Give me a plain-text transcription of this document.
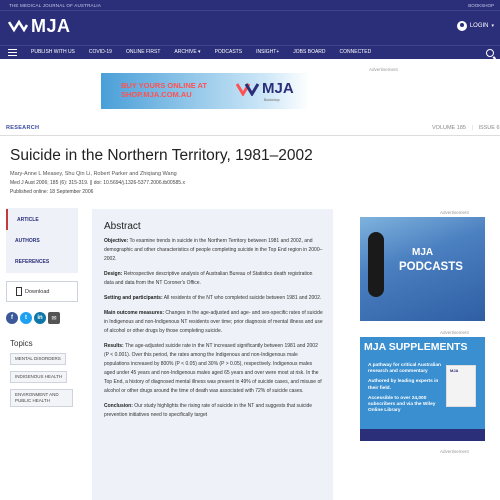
THE MEDICAL JOURNAL OF AUSTRALIA	BOOKSHOP
MJA	LOGIN ▾
PUBLISH WITH US	COVID-19	ONLINE FIRST	ARCHIVE ▾	PODCASTS	INSIGHT+	JOBS BOARD	CONNECTED
Advertisement
BUY YOURS ONLINE AT
SHOP.MJA.COM.AU	MJA
Bookshop
RESEARCH	VOLUME 185 | ISSUE 6
Suicide in the Northern Territory, 1981–2002
Mary-Anne L Measey, Shu Qin Li, Robert Parker and Zhiqiang Wang
Med J Aust 2006; 185 (6): 315-319. || doi: 10.5694/j.1326-5377.2006.tb00585.x
Published online: 18 September 2006
ARTICLE
AUTHORS
REFERENCES
Download
f	t	in	✉
Topics
MENTAL DISORDERS
INDIGENOUS HEALTH
ENVIRONMENT AND PUBLIC HEALTH
Abstract

Objective: To examine trends in suicide in the Northern Territory between 1981 and 2002, and demographic and other characteristics of people completing suicide in the Top End region in 2000–2002.

Design: Retrospective descriptive analysis of Australian Bureau of Statistics death registration data and data from the NT Coroner's Office.

Setting and participants: All residents of the NT who completed suicide between 1981 and 2002.

Main outcome measures: Changes in the age-adjusted and age- and sex-specific rates of suicide in Indigenous and non-Indigenous NT residents over time; prior diagnosis of mental illness and use of alcohol or other drugs by those completing suicide.

Results: The age-adjusted suicide rate in the NT increased significantly between 1981 and 2002 (P < 0.001). Over this period, the rates among the Indigenous and non-Indigenous male populations increased by 800% (P < 0.05) and 30% (P > 0.05), respectively. Indigenous males aged under 45 years and non-Indigenous males aged 65 years and over were most at risk. In the Top End, a history of diagnosed mental illness was present in 49% of suicide cases, and misuse of alcohol or other drugs around the time of death was associated with 72% of suicide cases.

Conclusion: Our study highlights the rising rate of suicide in the NT and suggests that suicide prevention initiatives need to specifically target

Advertisement
MJA
PODCASTS
Advertisement
MJA SUPPLEMENTS
A pathway for critical Australian research and commentary
Authored by leading experts in their field.
Accessible to over 24,000 subscribers and via the Wiley Online Library
MJA
Advertisement
